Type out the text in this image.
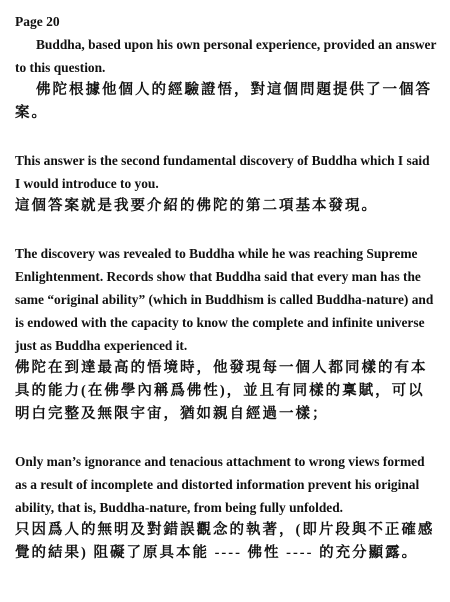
Page 20
Buddha, based upon his own personal experience, provided an answer to this question.
佛陀根據他個人的經驗證悟，對這個問題提供了一個答案。
This answer is the second fundamental discovery of Buddha which I said I would introduce to you.
這個答案就是我要介紹的佛陀的第二項基本發現。
The discovery was revealed to Buddha while he was reaching Supreme Enlightenment. Records show that Buddha said that every man has the same “original ability” (which in Buddhism is called Buddha-nature) and is endowed with the capacity to know the complete and infinite universe just as Buddha experienced it.
佛陀在到達最高的悟境時，他發現每一個人都同樣的有本具的能力(在佛學內稱爲佛性)，並且有同樣的稟賦，可以明白完整及無限宇宙，猶如親自經過一樣；
Only man’s ignorance and tenacious attachment to wrong views formed as a result of incomplete and distorted information prevent his original ability, that is, Buddha-nature, from being fully unfolded.
只因爲人的無明及對錯誤觀念的執著，(即片段與不正確感覺的結果) 阻礙了原具本能 ---- 佛性 ---- 的充分顯露。
